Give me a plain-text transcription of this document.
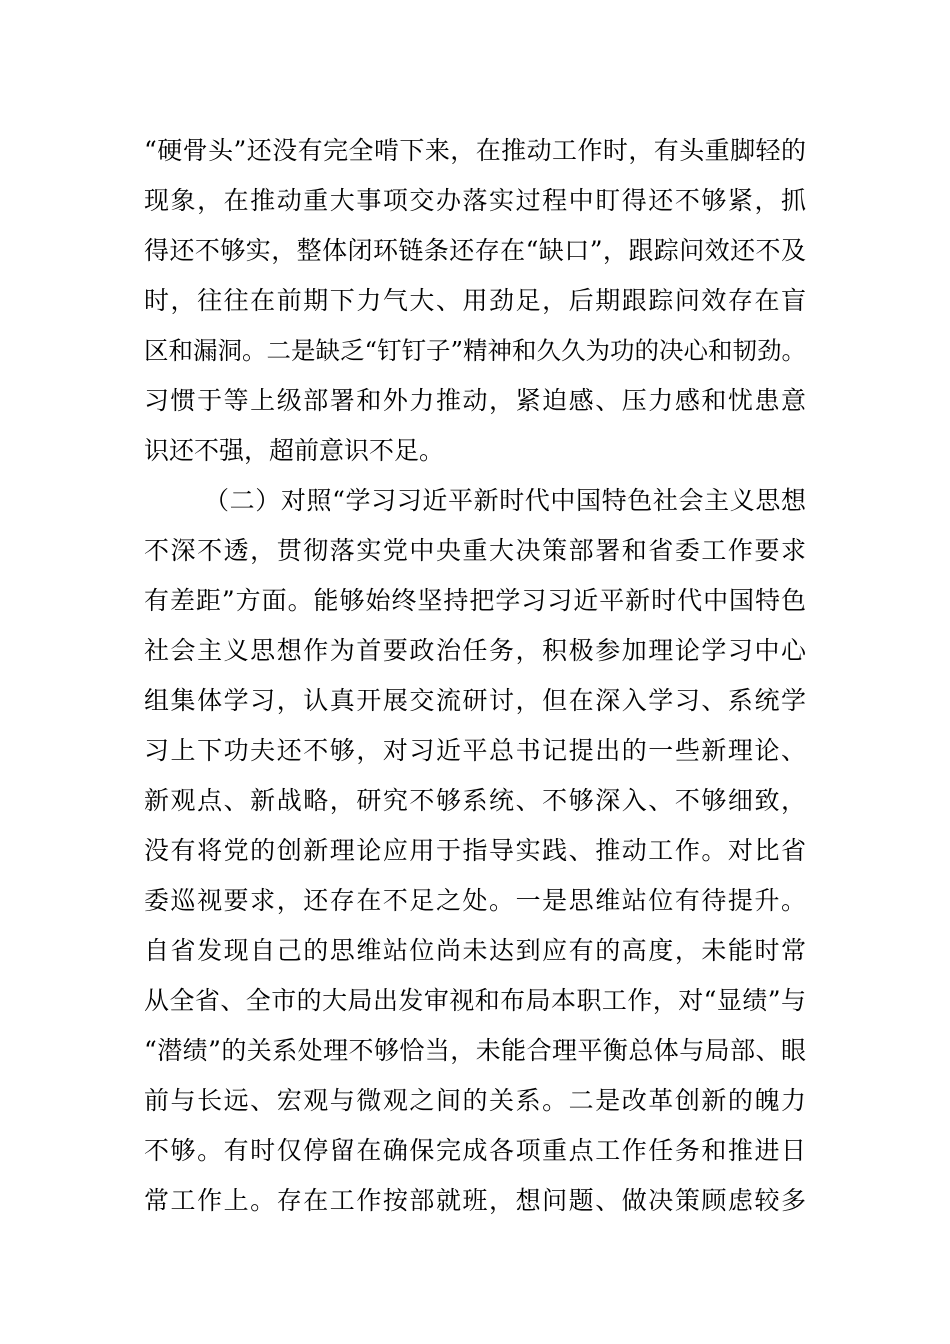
“硬骨头”还没有完全啃下来，在推动工作时，有头重脚轻的
现象，在推动重大事项交办落实过程中盯得还不够紧，抓
得还不够实，整体闭环链条还存在“缺口”，跟踪问效还不及
时，往往在前期下力气大、用劲足，后期跟踪问效存在盲
区和漏洞。二是缺乏“钉钉子”精神和久久为功的决心和韧劲。
习惯于等上级部署和外力推动，紧迫感、压力感和忧患意
识还不强，超前意识不足。
（二）对照“学习习近平新时代中国特色社会主义思想
不深不透，贯彻落实党中央重大决策部署和省委工作要求
有差距”方面。能够始终坚持把学习习近平新时代中国特色
社会主义思想作为首要政治任务，积极参加理论学习中心
组集体学习，认真开展交流研讨，但在深入学习、系统学
习上下功夫还不够，对习近平总书记提出的一些新理论、
新观点、新战略，研究不够系统、不够深入、不够细致，
没有将党的创新理论应用于指导实践、推动工作。对比省
委巡视要求，还存在不足之处。一是思维站位有待提升。
自省发现自己的思维站位尚未达到应有的高度，未能时常
从全省、全市的大局出发审视和布局本职工作，对“显绩”与
“潜绩”的关系处理不够恰当，未能合理平衡总体与局部、眼
前与长远、宏观与微观之间的关系。二是改革创新的魄力
不够。有时仅停留在确保完成各项重点工作任务和推进日
常工作上。存在工作按部就班，想问题、做决策顾虑较多
